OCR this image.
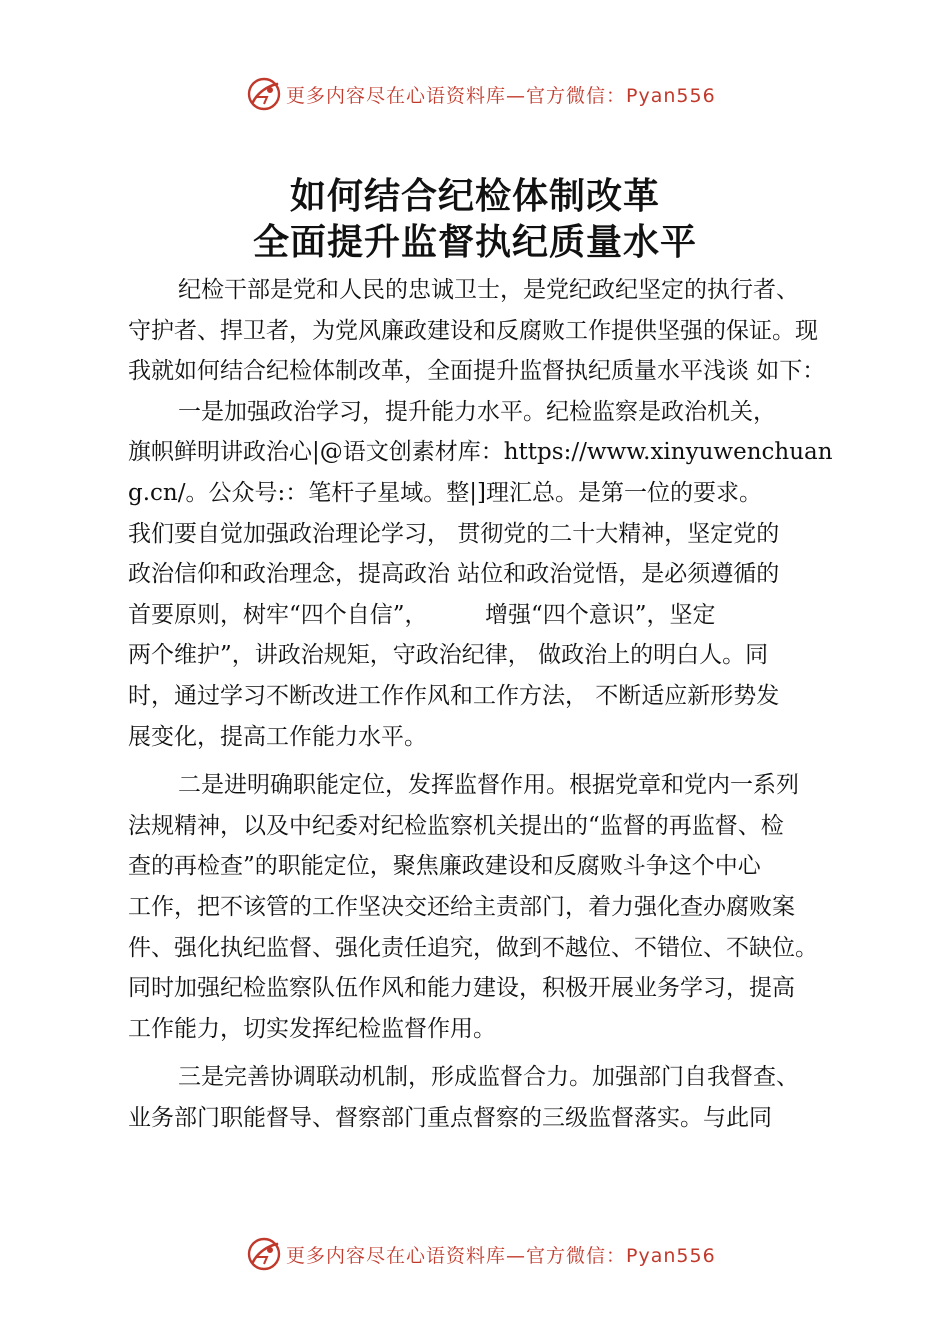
更多内容尽在心语资料库—官方微信：Pyan556
如何结合纪检体制改革
全面提升监督执纪质量水平
纪检干部是党和人民的忠诚卫士，是党纪政纪坚定的执行者、
守护者、捍卫者，为党风廉政建设和反腐败工作提供坚强的保证。现
我就如何结合纪检体制改革，全面提升监督执纪质量水平浅谈 如下：
一是加强政治学习，提升能力水平。纪检监察是政治机关，
旗帜鲜明讲政治心|@语文创素材库：https://www.xinyuwenchuan
g.cn/。公众号:：笔杆子星域。整|]理汇总。是第一位的要求。
我们要自觉加强政治理论学习， 贯彻党的二十大精神，坚定党的
政治信仰和政治理念，提高政治 站位和政治觉悟，是必须遵循的
首要原则，树牢“四个自信”，　　　增强“四个意识”，坚定
两个维护”，讲政治规矩，守政治纪律， 做政治上的明白人。同
时，通过学习不断改进工作作风和工作方法， 不断适应新形势发
展变化，提高工作能力水平。
二是进明确职能定位，发挥监督作用。根据党章和党内一系列
法规精神，以及中纪委对纪检监察机关提出的“监督的再监督、检
查的再检查”的职能定位，聚焦廉政建设和反腐败斗争这个中心
工作，把不该管的工作坚决交还给主责部门，着力强化查办腐败案
件、强化执纪监督、强化责任追究，做到不越位、不错位、不缺位。
同时加强纪检监察队伍作风和能力建设，积极开展业务学习，提高
工作能力，切实发挥纪检监督作用。
三是完善协调联动机制，形成监督合力。加强部门自我督查、
业务部门职能督导、督察部门重点督察的三级监督落实。与此同
更多内容尽在心语资料库—官方微信：Pyan556
